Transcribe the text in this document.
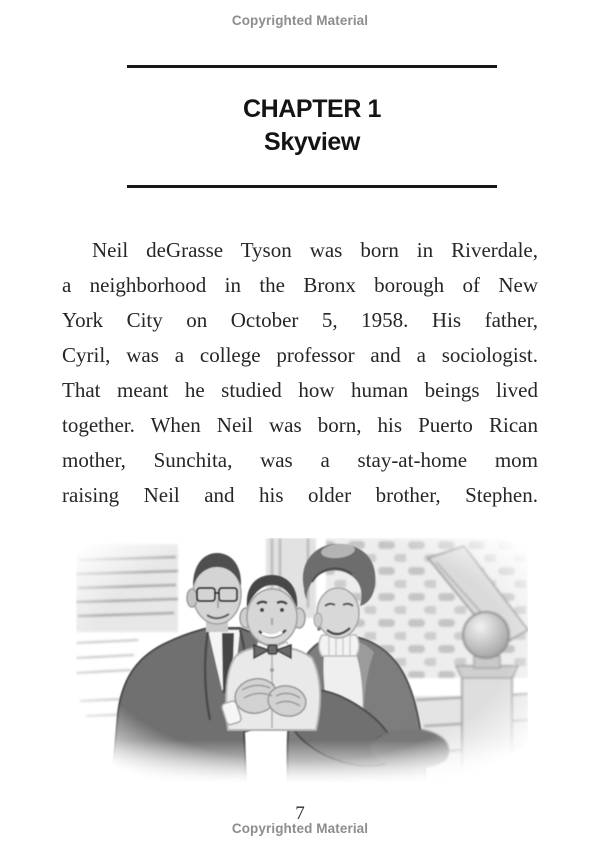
Copyrighted Material
CHAPTER 1
Skyview
Neil deGrasse Tyson was born in Riverdale,
a neighborhood in the Bronx borough of New
York City on October 5, 1958. His father,
Cyril, was a college professor and a sociologist.
That meant he studied how human beings lived
together. When Neil was born, his Puerto Rican
mother, Sunchita, was a stay-at-home mom
raising Neil and his older brother, Stephen.
7
Copyrighted Material
